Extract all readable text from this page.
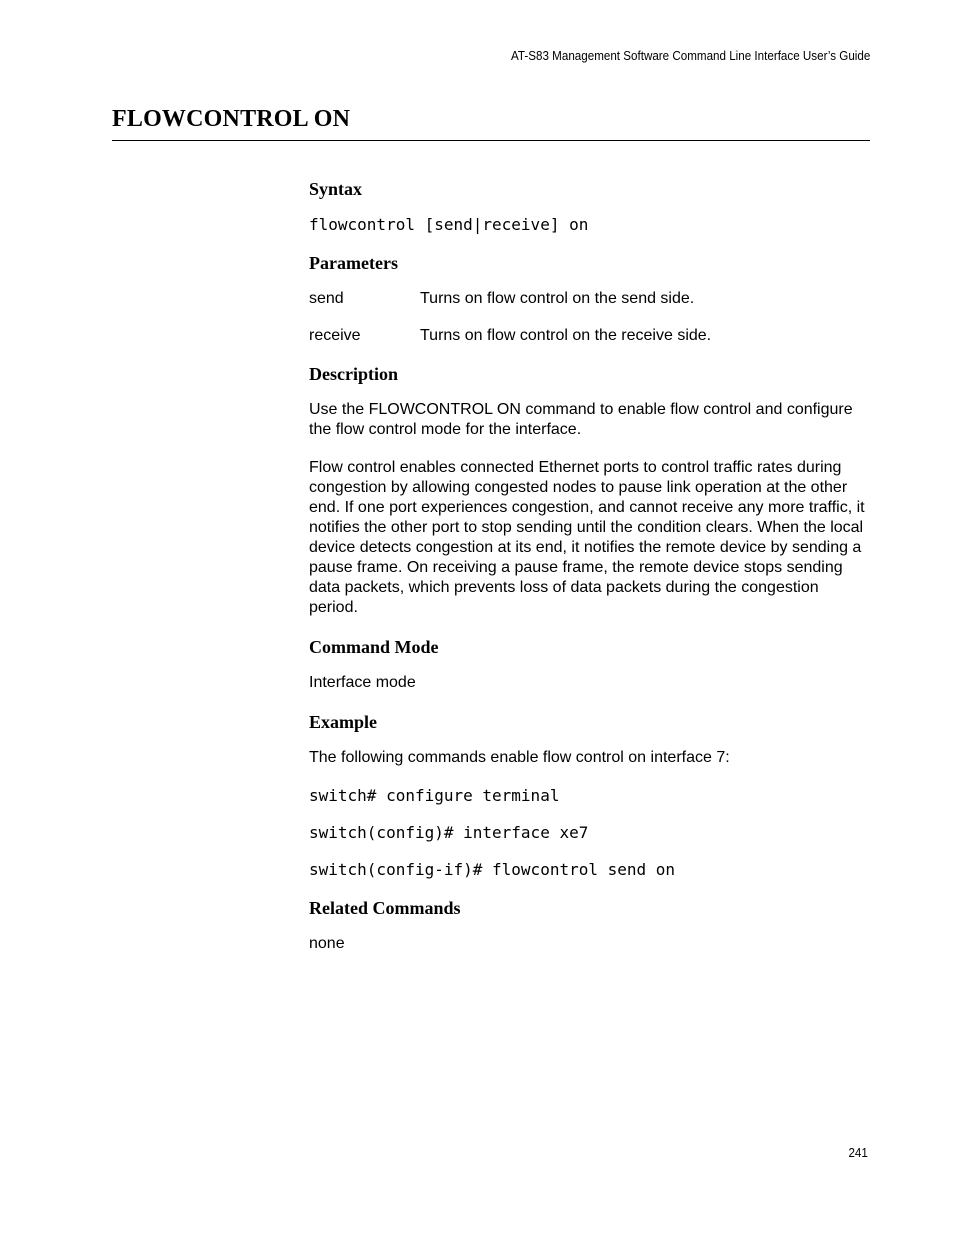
AT-S83 Management Software Command Line Interface User’s Guide
FLOWCONTROL ON
Syntax
flowcontrol [send|receive] on
Parameters
send	Turns on flow control on the send side.
receive	Turns on flow control on the receive side.
Description

Use the FLOWCONTROL ON command to enable flow control and configure the flow control mode for the interface.

Flow control enables connected Ethernet ports to control traffic rates during congestion by allowing congested nodes to pause link operation at the other end. If one port experiences congestion, and cannot receive any more traffic, it notifies the other port to stop sending until the condition clears. When the local device detects congestion at its end, it notifies the remote device by sending a pause frame. On receiving a pause frame, the remote device stops sending data packets, which prevents loss of data packets during the congestion period.

Command Mode

Interface mode

Example

The following commands enable flow control on interface 7:

switch# configure terminal
switch(config)# interface xe7
switch(config-if)# flowcontrol send on
Related Commands

none

241
